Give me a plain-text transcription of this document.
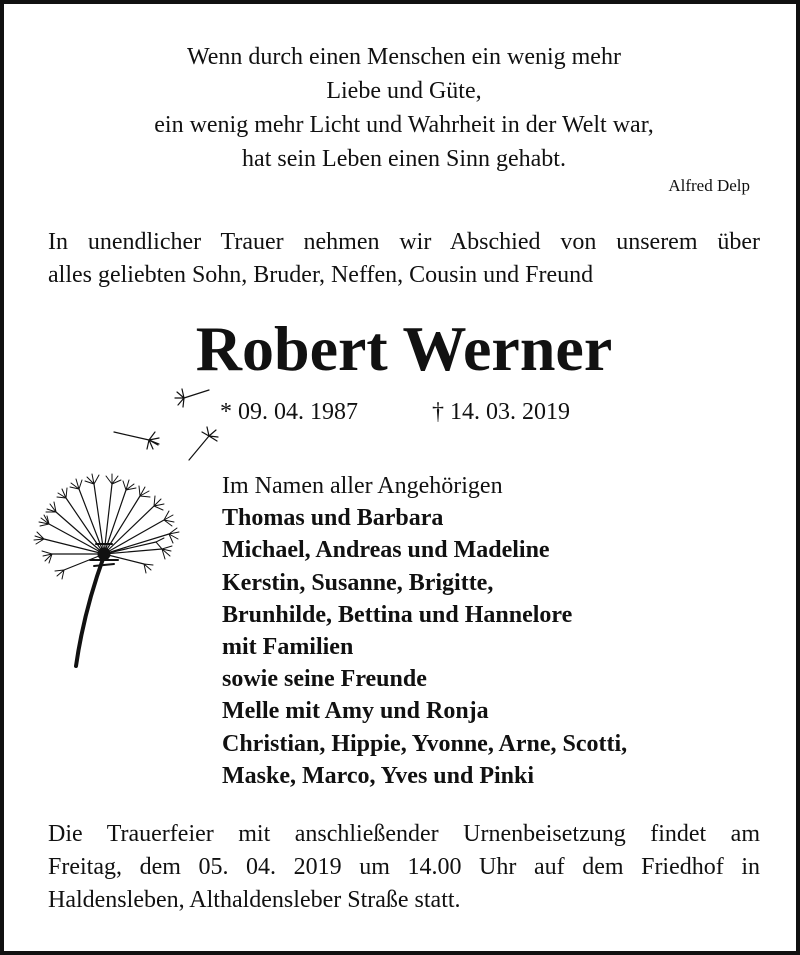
Wenn durch einen Menschen ein wenig mehr
Liebe und Güte,
ein wenig mehr Licht und Wahrheit in der Welt war,
hat sein Leben einen Sinn gehabt.
Alfred Delp
In unendlicher Trauer nehmen wir Abschied von unserem über
alles geliebten Sohn, Bruder, Neffen, Cousin und Freund
Robert Werner
* 09. 04. 1987	† 14. 03. 2019
Im Namen aller Angehörigen
Thomas und Barbara
Michael, Andreas und Madeline
Kerstin, Susanne, Brigitte,
Brunhilde, Bettina und Hannelore
mit Familien
sowie seine Freunde
Melle mit Amy und Ronja
Christian, Hippie, Yvonne, Arne, Scotti,
Maske, Marco, Yves und Pinki
Die Trauerfeier mit anschließender Urnenbeisetzung findet am
Freitag, dem 05. 04. 2019 um 14.00 Uhr auf dem Friedhof in
Haldensleben, Althaldensleber Straße statt.
